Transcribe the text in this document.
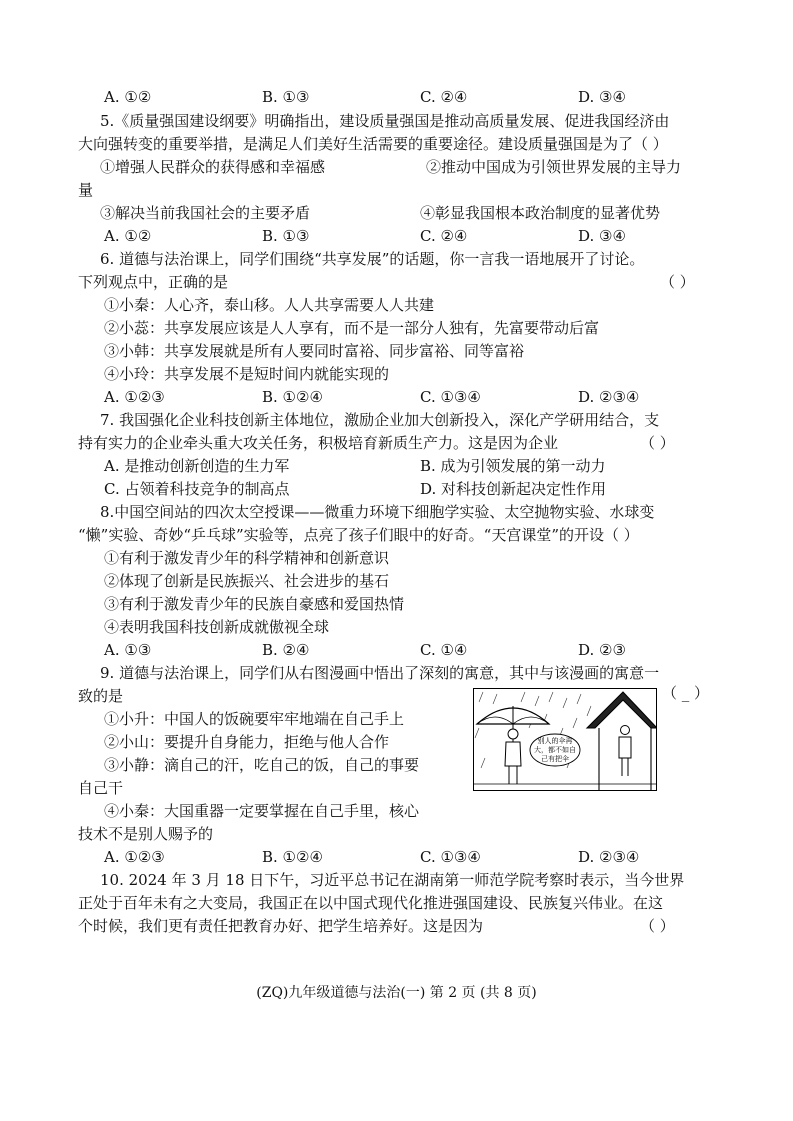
A. ①②	B. ①③	C. ②④	D. ③④
5.《质量强国建设纲要》明确指出，建设质量强国是推动高质量发展、促进我国经济由
大向强转变的重要举措，是满足人们美好生活需要的重要途径。建设质量强国是为了（ ）
①增强人民群众的获得感和幸福感	②推动中国成为引领世界发展的主导力
量
③解决当前我国社会的主要矛盾	④彰显我国根本政治制度的显著优势
A. ①②	B. ①③	C. ②④	D. ③④
6. 道德与法治课上，同学们围绕“共享发展”的话题，你一言我一语地展开了讨论。
下列观点中，正确的是	（ ）
①小秦：人心齐，泰山移。人人共享需要人人共建
②小蕊：共享发展应该是人人享有，而不是一部分人独有，先富要带动后富
③小韩：共享发展就是所有人要同时富裕、同步富裕、同等富裕
④小玲：共享发展不是短时间内就能实现的
A. ①②③	B. ①②④	C. ①③④	D. ②③④
7. 我国强化企业科技创新主体地位，激励企业加大创新投入，深化产学研用结合，支
持有实力的企业牵头重大攻关任务，积极培育新质生产力。这是因为企业	（ ）
A. 是推动创新创造的生力军	B. 成为引领发展的第一动力
C. 占领着科技竞争的制高点	D. 对科技创新起决定性作用
8.中国空间站的四次太空授课——微重力环境下细胞学实验、太空抛物实验、水球变
“懒”实验、奇妙“乒乓球”实验等，点亮了孩子们眼中的好奇。“天宫课堂”的开设（ ）
①有利于激发青少年的科学精神和创新意识
②体现了创新是民族振兴、社会进步的基石
③有利于激发青少年的民族自豪感和爱国热情
④表明我国科技创新成就傲视全球
A. ①③	B. ②④	C. ①④	D. ②③
9. 道德与法治课上，同学们从右图漫画中悟出了深刻的寓意，其中与该漫画的寓意一
致的是	（ _ ）
①小升：中国人的饭碗要牢牢地端在自己手上
②小山：要提升自身能力，拒绝与他人合作
③小静：滴自己的汗，吃自己的饭，自己的事要
自己干
④小秦：大国重器一定要掌握在自己手里，核心
技术不是别人赐予的
别人的伞再
大，都不如自
己有把伞
A. ①②③	B. ①②④	C. ①③④	D. ②③④
10. 2024 年 3 月 18 日下午，习近平总书记在湖南第一师范学院考察时表示，当今世界
正处于百年未有之大变局，我国正在以中国式现代化推进强国建设、民族复兴伟业。在这
个时候，我们更有责任把教育办好、把学生培养好。这是因为	（ ）
(ZQ)九年级道德与法治(一) 第 2 页 (共 8 页)
